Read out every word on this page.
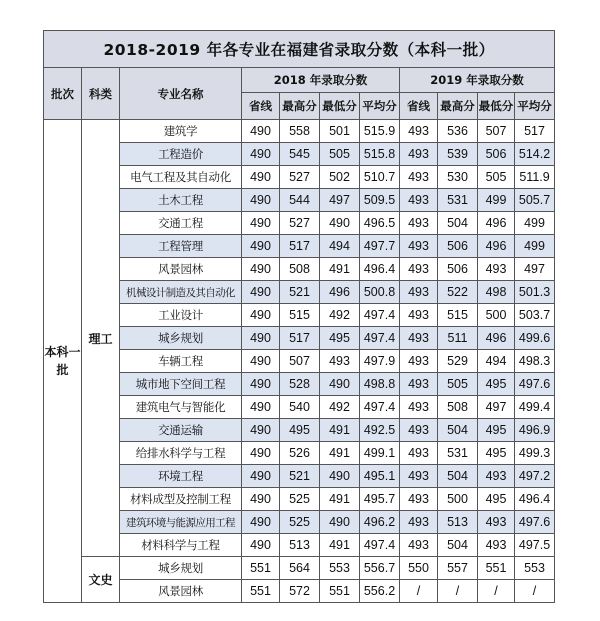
2018-2019 年各专业在福建省录取分数（本科一批）										
批次	科类	专业名称	2018 年录取分数				2019 年录取分数			
			省线	最高分	最低分	平均分	省线	最高分	最低分	平均分
本科一批	理工	建筑学	490	558	501	515.9	493	536	507	517
		工程造价	490	545	505	515.8	493	539	506	514.2
		电气工程及其自动化	490	527	502	510.7	493	530	505	511.9
		土木工程	490	544	497	509.5	493	531	499	505.7
		交通工程	490	527	490	496.5	493	504	496	499
		工程管理	490	517	494	497.7	493	506	496	499
		风景园林	490	508	491	496.4	493	506	493	497
		机械设计制造及其自动化	490	521	496	500.8	493	522	498	501.3
		工业设计	490	515	492	497.4	493	515	500	503.7
		城乡规划	490	517	495	497.4	493	511	496	499.6
		车辆工程	490	507	493	497.9	493	529	494	498.3
		城市地下空间工程	490	528	490	498.8	493	505	495	497.6
		建筑电气与智能化	490	540	492	497.4	493	508	497	499.4
		交通运输	490	495	491	492.5	493	504	495	496.9
		给排水科学与工程	490	526	491	499.1	493	531	495	499.3
		环境工程	490	521	490	495.1	493	504	493	497.2
		材料成型及控制工程	490	525	491	495.7	493	500	495	496.4
		建筑环境与能源应用工程	490	525	490	496.2	493	513	493	497.6
		材料科学与工程	490	513	491	497.4	493	504	493	497.5
	文史	城乡规划	551	564	553	556.7	550	557	551	553
		风景园林	551	572	551	556.2	/	/	/	/
